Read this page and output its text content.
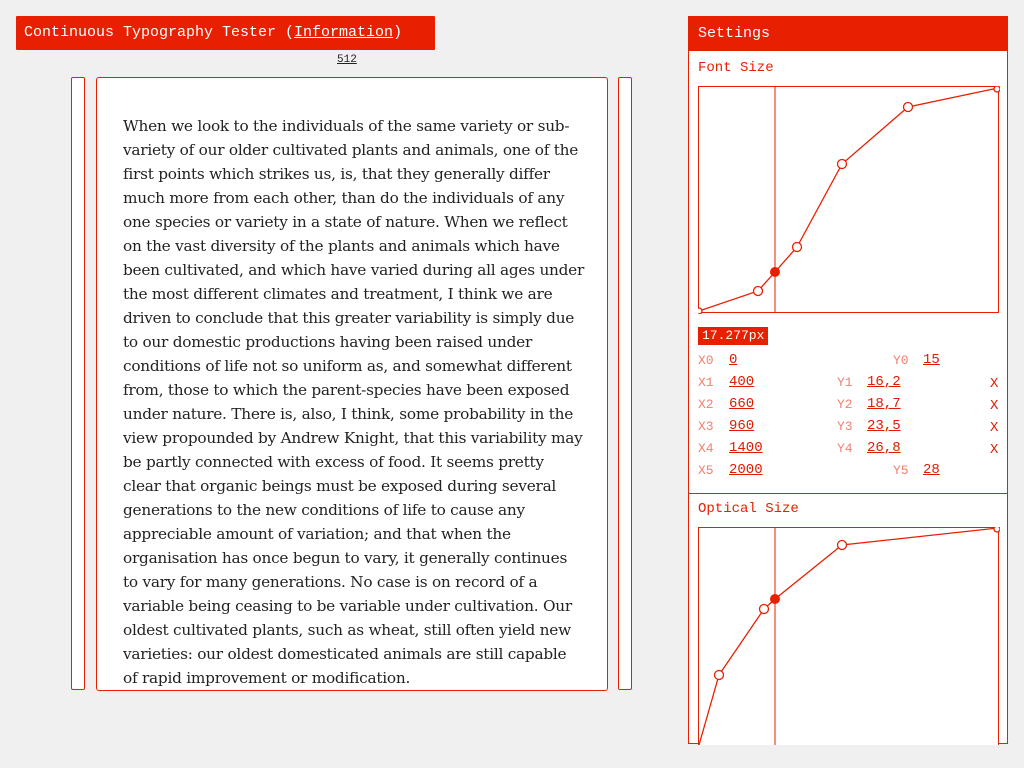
Continuous Typography Tester (Information)
512

When we look to the individuals of the same variety or sub-variety of our older cultivated plants and animals, one of the first points which strikes us, is, that they generally differ much more from each other, than do the individuals of any one species or variety in a state of nature. When we reflect on the vast diversity of the plants and animals which have been cultivated, and which have varied during all ages under the most different climates and treatment, I think we are driven to conclude that this greater variability is simply due to our domestic productions having been raised under conditions of life not so uniform as, and somewhat different from, those to which the parent-species have been exposed under nature. There is, also, I think, some probability in the view propounded by Andrew Knight, that this variability may be partly connected with excess of food. It seems pretty clear that organic beings must be exposed during several generations to the new conditions of life to cause any appreciable amount of variation; and that when the organisation has once begun to vary, it generally continues to vary for many generations. No case is on record of a variable being ceasing to be variable under cultivation. Our oldest cultivated plants, such as wheat, still often yield new varieties: our oldest domesticated animals are still capable of rapid improvement or modification.

Settings
Font Size
17.277px
X0 0	Y0 15
X1 400	Y1 16,2	X
X2 660	Y2 18,7	X
X3 960	Y3 23,5	X
X4 1400	Y4 26,8	X
X5 2000	Y5 28
Optical Size
